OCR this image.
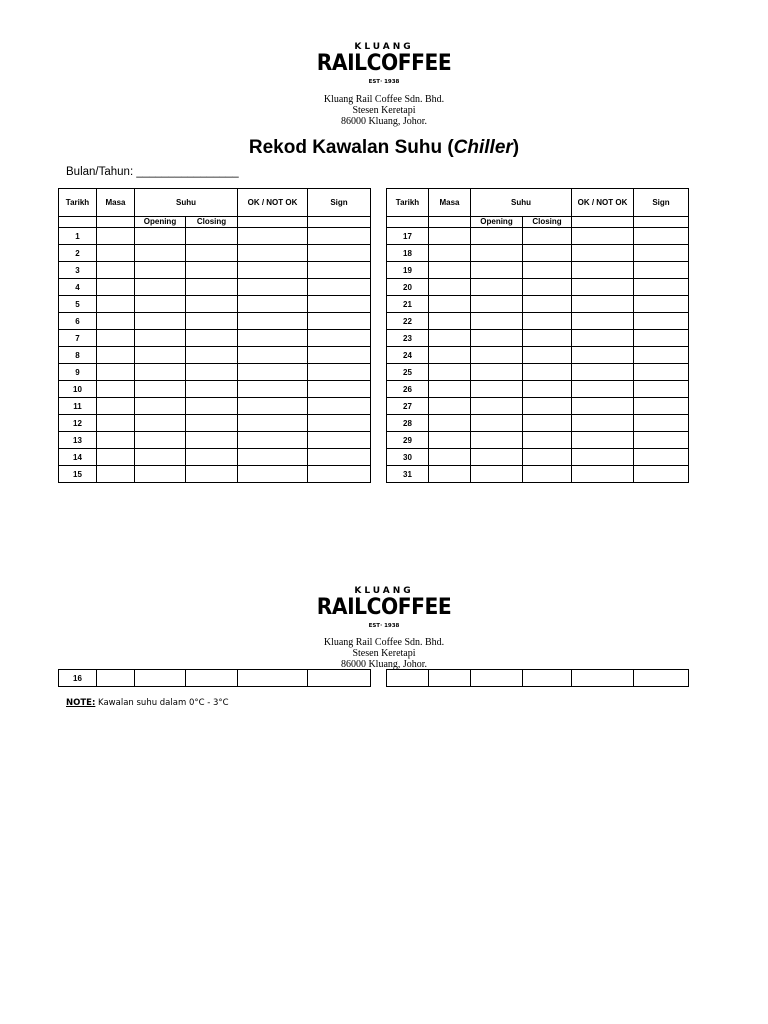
KLUANG
RAILCOFFEE
EST· 1938
Kluang Rail Coffee Sdn. Bhd.
Stesen Keretapi
86000 Kluang, Johor.
Rekod Kawalan Suhu (Chiller)
Bulan/Tahun: ________________
Tarikh	Masa	Suhu		OK / NOT OK	Sign
		Opening	Closing		
1					
2					
3					
4					
5					
6					
7					
8					
9					
10					
11					
12					
13					
14					
15					
Tarikh	Masa	Suhu		OK / NOT OK	Sign
		Opening	Closing		
17					
18					
19					
20					
21					
22					
23					
24					
25					
26					
27					
28					
29					
30					
31					
KLUANG
RAILCOFFEE
EST· 1938
Kluang Rail Coffee Sdn. Bhd.
Stesen Keretapi
86000 Kluang, Johor.
16					

NOTE: Kawalan suhu dalam 0°C - 3°C
